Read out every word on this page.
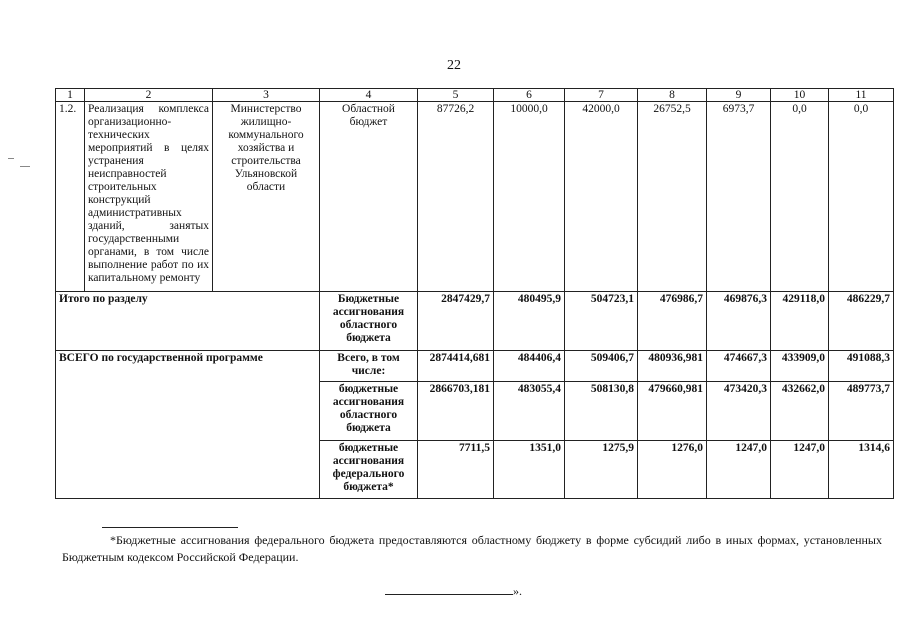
22
1	2	3	4	5	6	7	8	9	10	11
1.2.	Реализация комплекса организационно-технических мероприятий в целях устранения неисправностей строительных конструкций административных зданий, занятых государственными органами, в том числе выполнение работ по их капитальному ремонту	Министерство жилищно-коммунального хозяйства и строительства Ульяновской области	Областной бюджет	87726,2	10000,0	42000,0	26752,5	6973,7	0,0	0,0
Итого по разделу			Бюджетные ассигнования областного бюджета	2847429,7	480495,9	504723,1	476986,7	469876,3	429118,0	486229,7
ВСЕГО по государственной программе			Всего, в том числе:	2874414,681	484406,4	509406,7	480936,981	474667,3	433909,0	491088,3
			бюджетные ассигнования областного бюджета	2866703,181	483055,4	508130,8	479660,981	473420,3	432662,0	489773,7
			бюджетные ассигнования федерального бюджета*	7711,5	1351,0	1275,9	1276,0	1247,0	1247,0	1314,6
*Бюджетные ассигнования федерального бюджета предоставляются областному бюджету в форме субсидий либо в иных формах, установленных Бюджетным кодексом Российской Федерации.
».
